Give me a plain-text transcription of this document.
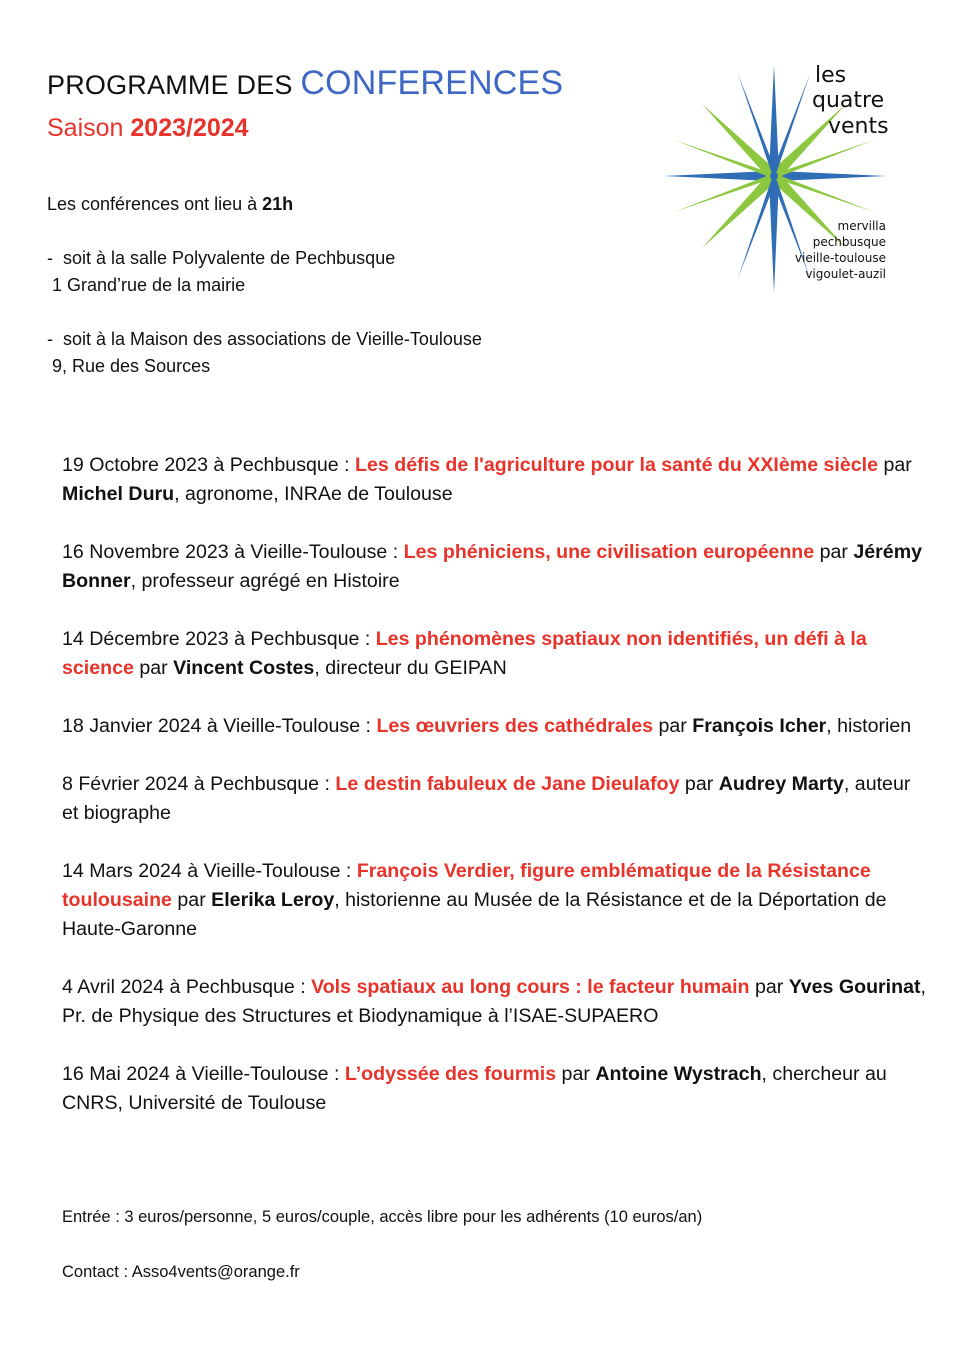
PROGRAMME DES CONFERENCES

Saison 2023/2024

Les conférences ont lieu à 21h

-  soit à la salle Polyvalente de Pechbusque

1 Grand’rue de la mairie

-  soit à la Maison des associations de Vieille-Toulouse

9, Rue des Sources

les
quatre
vents
mervilla
pechbusque
vieille-toulouse
vigoulet-auzil

19 Octobre 2023 à Pechbusque : Les défis de l'agriculture pour la santé du XXIème siècle par Michel Duru, agronome, INRAe de Toulouse

16 Novembre 2023 à Vieille-Toulouse : Les phéniciens, une civilisation européenne par Jérémy Bonner, professeur agrégé en Histoire

14 Décembre 2023 à Pechbusque : Les phénomènes spatiaux non identifiés, un défi à la science par Vincent Costes, directeur du GEIPAN

18 Janvier 2024 à Vieille-Toulouse : Les œuvriers des cathédrales par François Icher, historien

8 Février 2024 à Pechbusque : Le destin fabuleux de Jane Dieulafoy par Audrey Marty, auteur et biographe

14 Mars 2024 à Vieille-Toulouse : François Verdier, figure emblématique de la Résistance toulousaine par Elerika Leroy, historienne au Musée de la Résistance et de la Déportation de Haute-Garonne

4 Avril 2024 à Pechbusque : Vols spatiaux au long cours : le facteur humain par Yves Gourinat, Pr. de Physique des Structures et Biodynamique à l’ISAE-SUPAERO

16 Mai 2024 à Vieille-Toulouse : L’odyssée des fourmis par Antoine Wystrach, chercheur au CNRS, Université de Toulouse

Entrée : 3 euros/personne, 5 euros/couple, accès libre pour les adhérents (10 euros/an)

Contact : Asso4vents@orange.fr
